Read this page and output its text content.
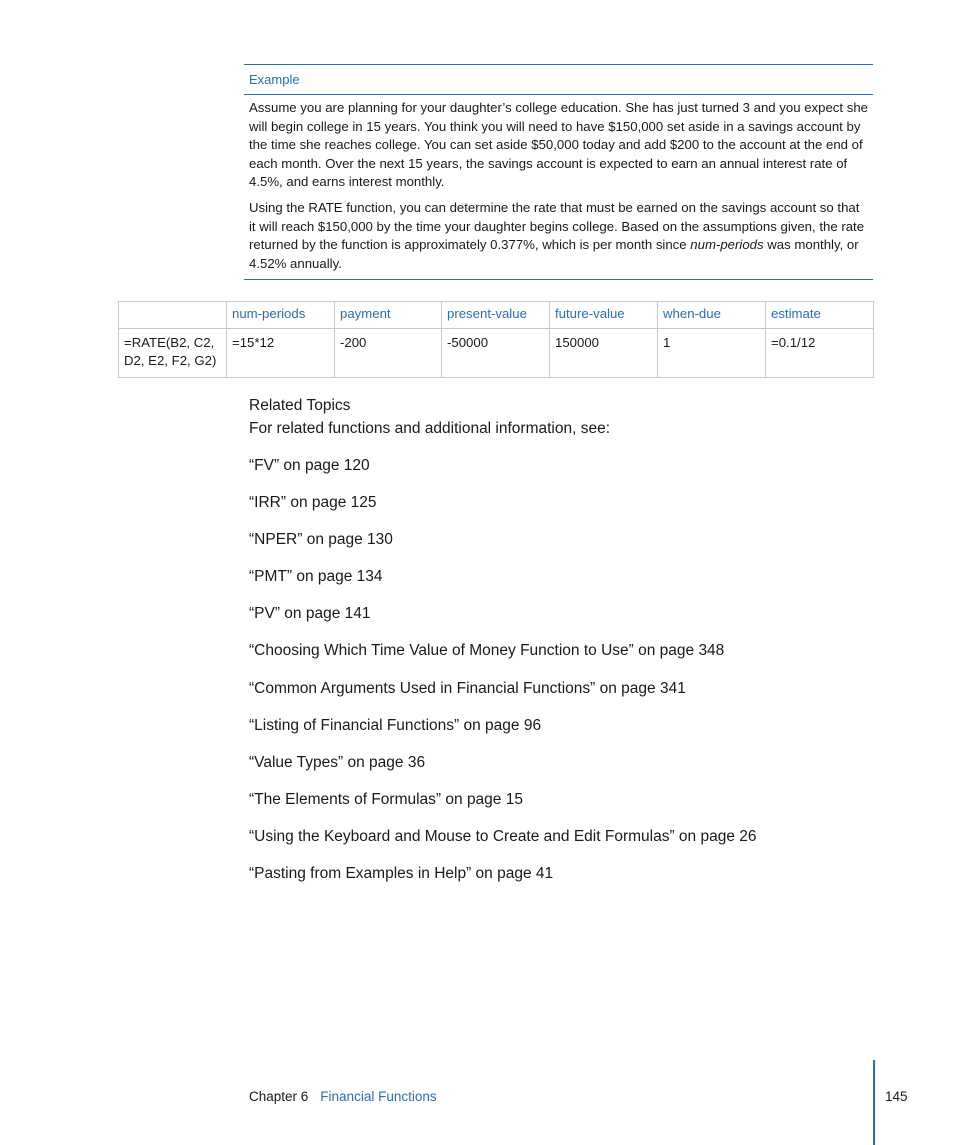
Example

Assume you are planning for your daughter’s college education. She has just turned 3 and you expect she will begin college in 15 years. You think you will need to have $150,000 set aside in a savings account by the time she reaches college. You can set aside $50,000 today and add $200 to the account at the end of each month. Over the next 15 years, the savings account is expected to earn an annual interest rate of 4.5%, and earns interest monthly.

Using the RATE function, you can determine the rate that must be earned on the savings account so that it will reach $150,000 by the time your daughter begins college. Based on the assumptions given, the rate returned by the function is approximately 0.377%, which is per month since num-periods was monthly, or 4.52% annually.

	num-periods	payment	present-value	future-value	when-due	estimate
=RATE(B2, C2, D2, E2, F2, G2)	=15*12	-200	-50000	150000	1	=0.1/12
Related Topics
For related functions and additional information, see:
“FV” on page 120
“IRR” on page 125
“NPER” on page 130
“PMT” on page 134
“PV” on page 141
“Choosing Which Time Value of Money Function to Use” on page 348
“Common Arguments Used in Financial Functions” on page 341
“Listing of Financial Functions” on page 96
“Value Types” on page 36
“The Elements of Formulas” on page 15
“Using the Keyboard and Mouse to Create and Edit Formulas” on page 26
“Pasting from Examples in Help” on page 41
Chapter 6 Financial Functions	145
